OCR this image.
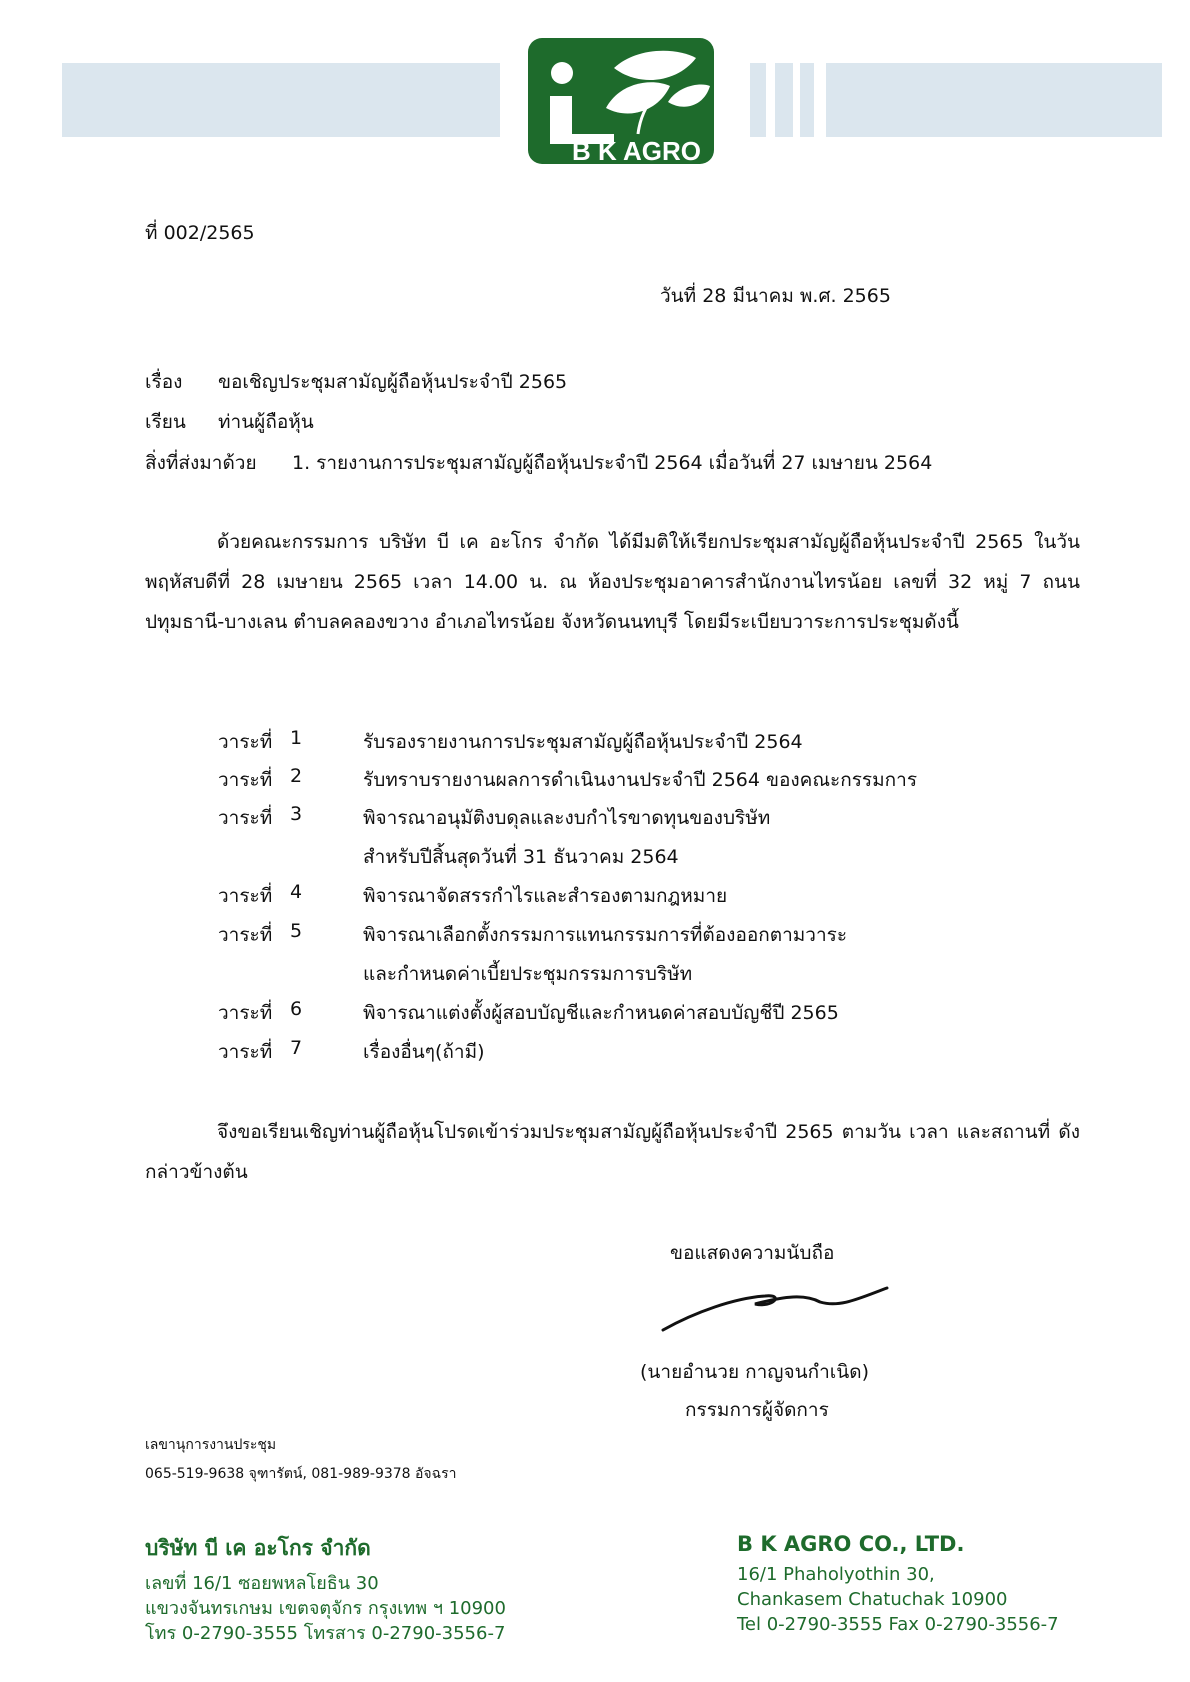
B K AGRO
ที่ 002/2565
วันที่ 28 มีนาคม พ.ศ. 2565
เรื่อง ขอเชิญประชุมสามัญผู้ถือหุ้นประจำปี 2565
เรียน ท่านผู้ถือหุ้น
สิ่งที่ส่งมาด้วย 1. รายงานการประชุมสามัญผู้ถือหุ้นประจำปี 2564 เมื่อวันที่ 27 เมษายน 2564
ด้วยคณะกรรมการ บริษัท บี เค อะโกร จำกัด ได้มีมติให้เรียกประชุมสามัญผู้ถือหุ้นประจำปี 2565 ในวันพฤหัสบดีที่ 28 เมษายน 2565 เวลา 14.00 น. ณ ห้องประชุมอาคารสำนักงานไทรน้อย เลขที่ 32 หมู่ 7 ถนนปทุมธานี-บางเลน ตำบลคลองขวาง อำเภอไทรน้อย จังหวัดนนทบุรี โดยมีระเบียบวาระการประชุมดังนี้
วาระที่ 1	รับรองรายงานการประชุมสามัญผู้ถือหุ้นประจำปี 2564
วาระที่ 2	รับทราบรายงานผลการดำเนินงานประจำปี 2564 ของคณะกรรมการ
วาระที่ 3	พิจารณาอนุมัติงบดุลและงบกำไรขาดทุนของบริษัท
สำหรับปีสิ้นสุดวันที่ 31 ธันวาคม 2564
วาระที่ 4	พิจารณาจัดสรรกำไรและสำรองตามกฎหมาย
วาระที่ 5	พิจารณาเลือกตั้งกรรมการแทนกรรมการที่ต้องออกตามวาระ
และกำหนดค่าเบี้ยประชุมกรรมการบริษัท
วาระที่ 6	พิจารณาแต่งตั้งผู้สอบบัญชีและกำหนดค่าสอบบัญชีปี 2565
วาระที่ 7	เรื่องอื่นๆ(ถ้ามี)
จึงขอเรียนเชิญท่านผู้ถือหุ้นโปรดเข้าร่วมประชุมสามัญผู้ถือหุ้นประจำปี 2565 ตามวัน เวลา และสถานที่ ดังกล่าวข้างต้น
ขอแสดงความนับถือ
(นายอำนวย กาญจนกำเนิด)
กรรมการผู้จัดการ
เลขานุการงานประชุม
065-519-9638 จุฑารัตน์, 081-989-9378 อัจฉรา
บริษัท บี เค อะโกร จำกัด
เลขที่ 16/1 ซอยพหลโยธิน 30
แขวงจันทรเกษม เขตจตุจักร กรุงเทพ ฯ 10900
โทร 0-2790-3555 โทรสาร 0-2790-3556-7
B K AGRO CO., LTD.
16/1 Phaholyothin 30,
Chankasem Chatuchak 10900
Tel 0-2790-3555 Fax 0-2790-3556-7
